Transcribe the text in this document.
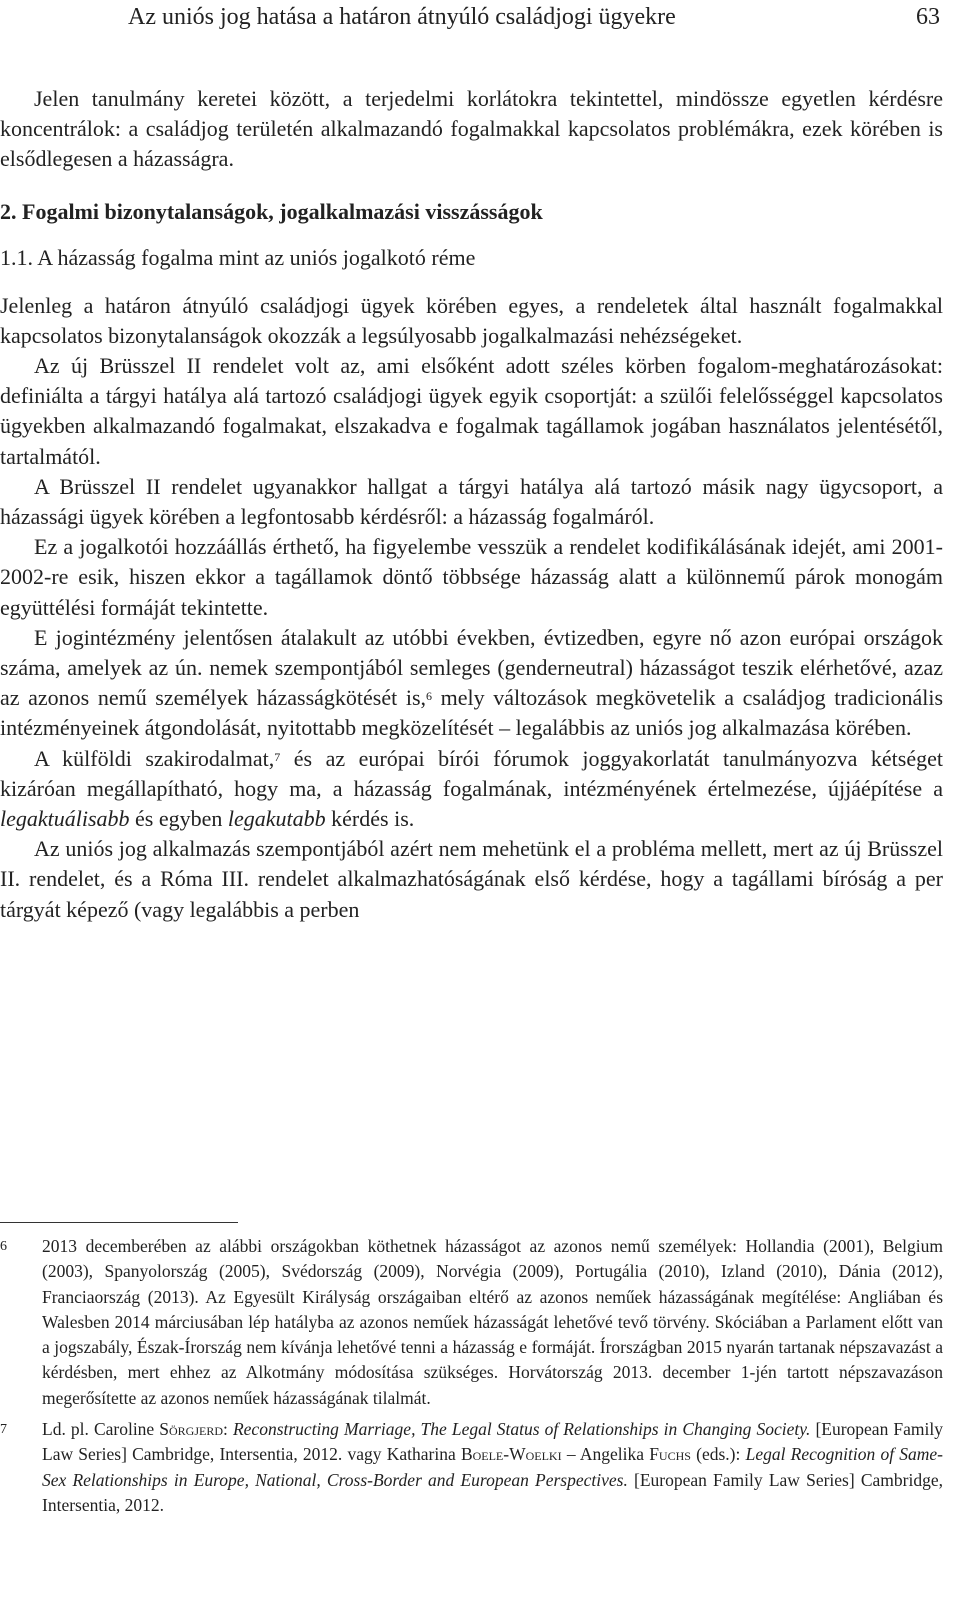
Az uniós jog hatása a határon átnyúló családjogi ügyekre	63

Jelen tanulmány keretei között, a terjedelmi korlátokra tekintettel, mindössze egyetlen kérdésre koncentrálok: a családjog területén alkalmazandó fogalmakkal kapcsolatos problémákra, ezek körében is elsődlegesen a házasságra.

2. Fogalmi bizonytalanságok, jogalkalmazási visszásságok
1.1. A házasság fogalma mint az uniós jogalkotó réme

Jelenleg a határon átnyúló családjogi ügyek körében egyes, a rendeletek által használt fogalmakkal kapcsolatos bizonytalanságok okozzák a legsúlyosabb jogalkalmazási nehézségeket.

Az új Brüsszel II rendelet volt az, ami elsőként adott széles körben fogalom-meghatározásokat: definiálta a tárgyi hatálya alá tartozó családjogi ügyek egyik csoportját: a szülői felelősséggel kapcsolatos ügyekben alkalmazandó fogalmakat, elszakadva e fogalmak tagállamok jogában használatos jelentésétől, tartalmától.

A Brüsszel II rendelet ugyanakkor hallgat a tárgyi hatálya alá tartozó másik nagy ügycsoport, a házassági ügyek körében a legfontosabb kérdésről: a házasság fogalmáról.

Ez a jogalkotói hozzáállás érthető, ha figyelembe vesszük a rendelet kodifikálásának idejét, ami 2001-2002-re esik, hiszen ekkor a tagállamok döntő többsége házasság alatt a különnemű párok monogám együttélési formáját tekintette.

E jogintézmény jelentősen átalakult az utóbbi években, évtizedben, egyre nő azon európai országok száma, amelyek az ún. nemek szempontjából semleges (genderneutral) házasságot teszik elérhetővé, azaz az azonos nemű személyek házasságkötését is,$^6$ mely változások megkövetelik a családjog tradicionális intézményeinek átgondolását, nyitottabb megközelítését – legalábbis az uniós jog alkalmazása körében.

A külföldi szakirodalmat,$^7$ és az európai bírói fórumok joggyakorlatát tanulmányozva kétséget kizáróan megállapítható, hogy ma, a házasság fogalmának, intézményének értelmezése, újjáépítése a legaktuálisabb és egyben legakutabb kérdés is.

Az uniós jog alkalmazás szempontjából azért nem mehetünk el a probléma mellett, mert az új Brüsszel II. rendelet, és a Róma III. rendelet alkalmazhatóságának első kérdése, hogy a tagállami bíróság a per tárgyát képező (vagy legalábbis a perben

6 2013 decemberében az alábbi országokban köthetnek házasságot az azonos nemű személyek: Hollandia (2001), Belgium (2003), Spanyolország (2005), Svédország (2009), Norvégia (2009), Portugália (2010), Izland (2010), Dánia (2012), Franciaország (2013). Az Egyesült Királyság országaiban eltérő az azonos neműek házasságának megítélése: Angliában és Walesben 2014 márciusában lép hatályba az azonos neműek házasságát lehetővé tevő törvény. Skóciában a Parlament előtt van a jogszabály, Észak-Írország nem kívánja lehetővé tenni a házasság e formáját. Írországban 2015 nyarán tartanak népszavazást a kérdésben, mert ehhez az Alkotmány módosítása szükséges. Horvátország 2013. december 1-jén tartott népszavazáson megerősítette az azonos neműek házasságának tilalmát.
7 Ld. pl. Caroline Sörgjerd: Reconstructing Marriage, The Legal Status of Relationships in Changing Society. [European Family Law Series] Cambridge, Intersentia, 2012. vagy Katharina Boele-Woelki – Angelika Fuchs (eds.): Legal Recognition of Same-Sex Relationships in Europe, National, Cross-Border and European Perspectives. [European Family Law Series] Cambridge, Intersentia, 2012.
